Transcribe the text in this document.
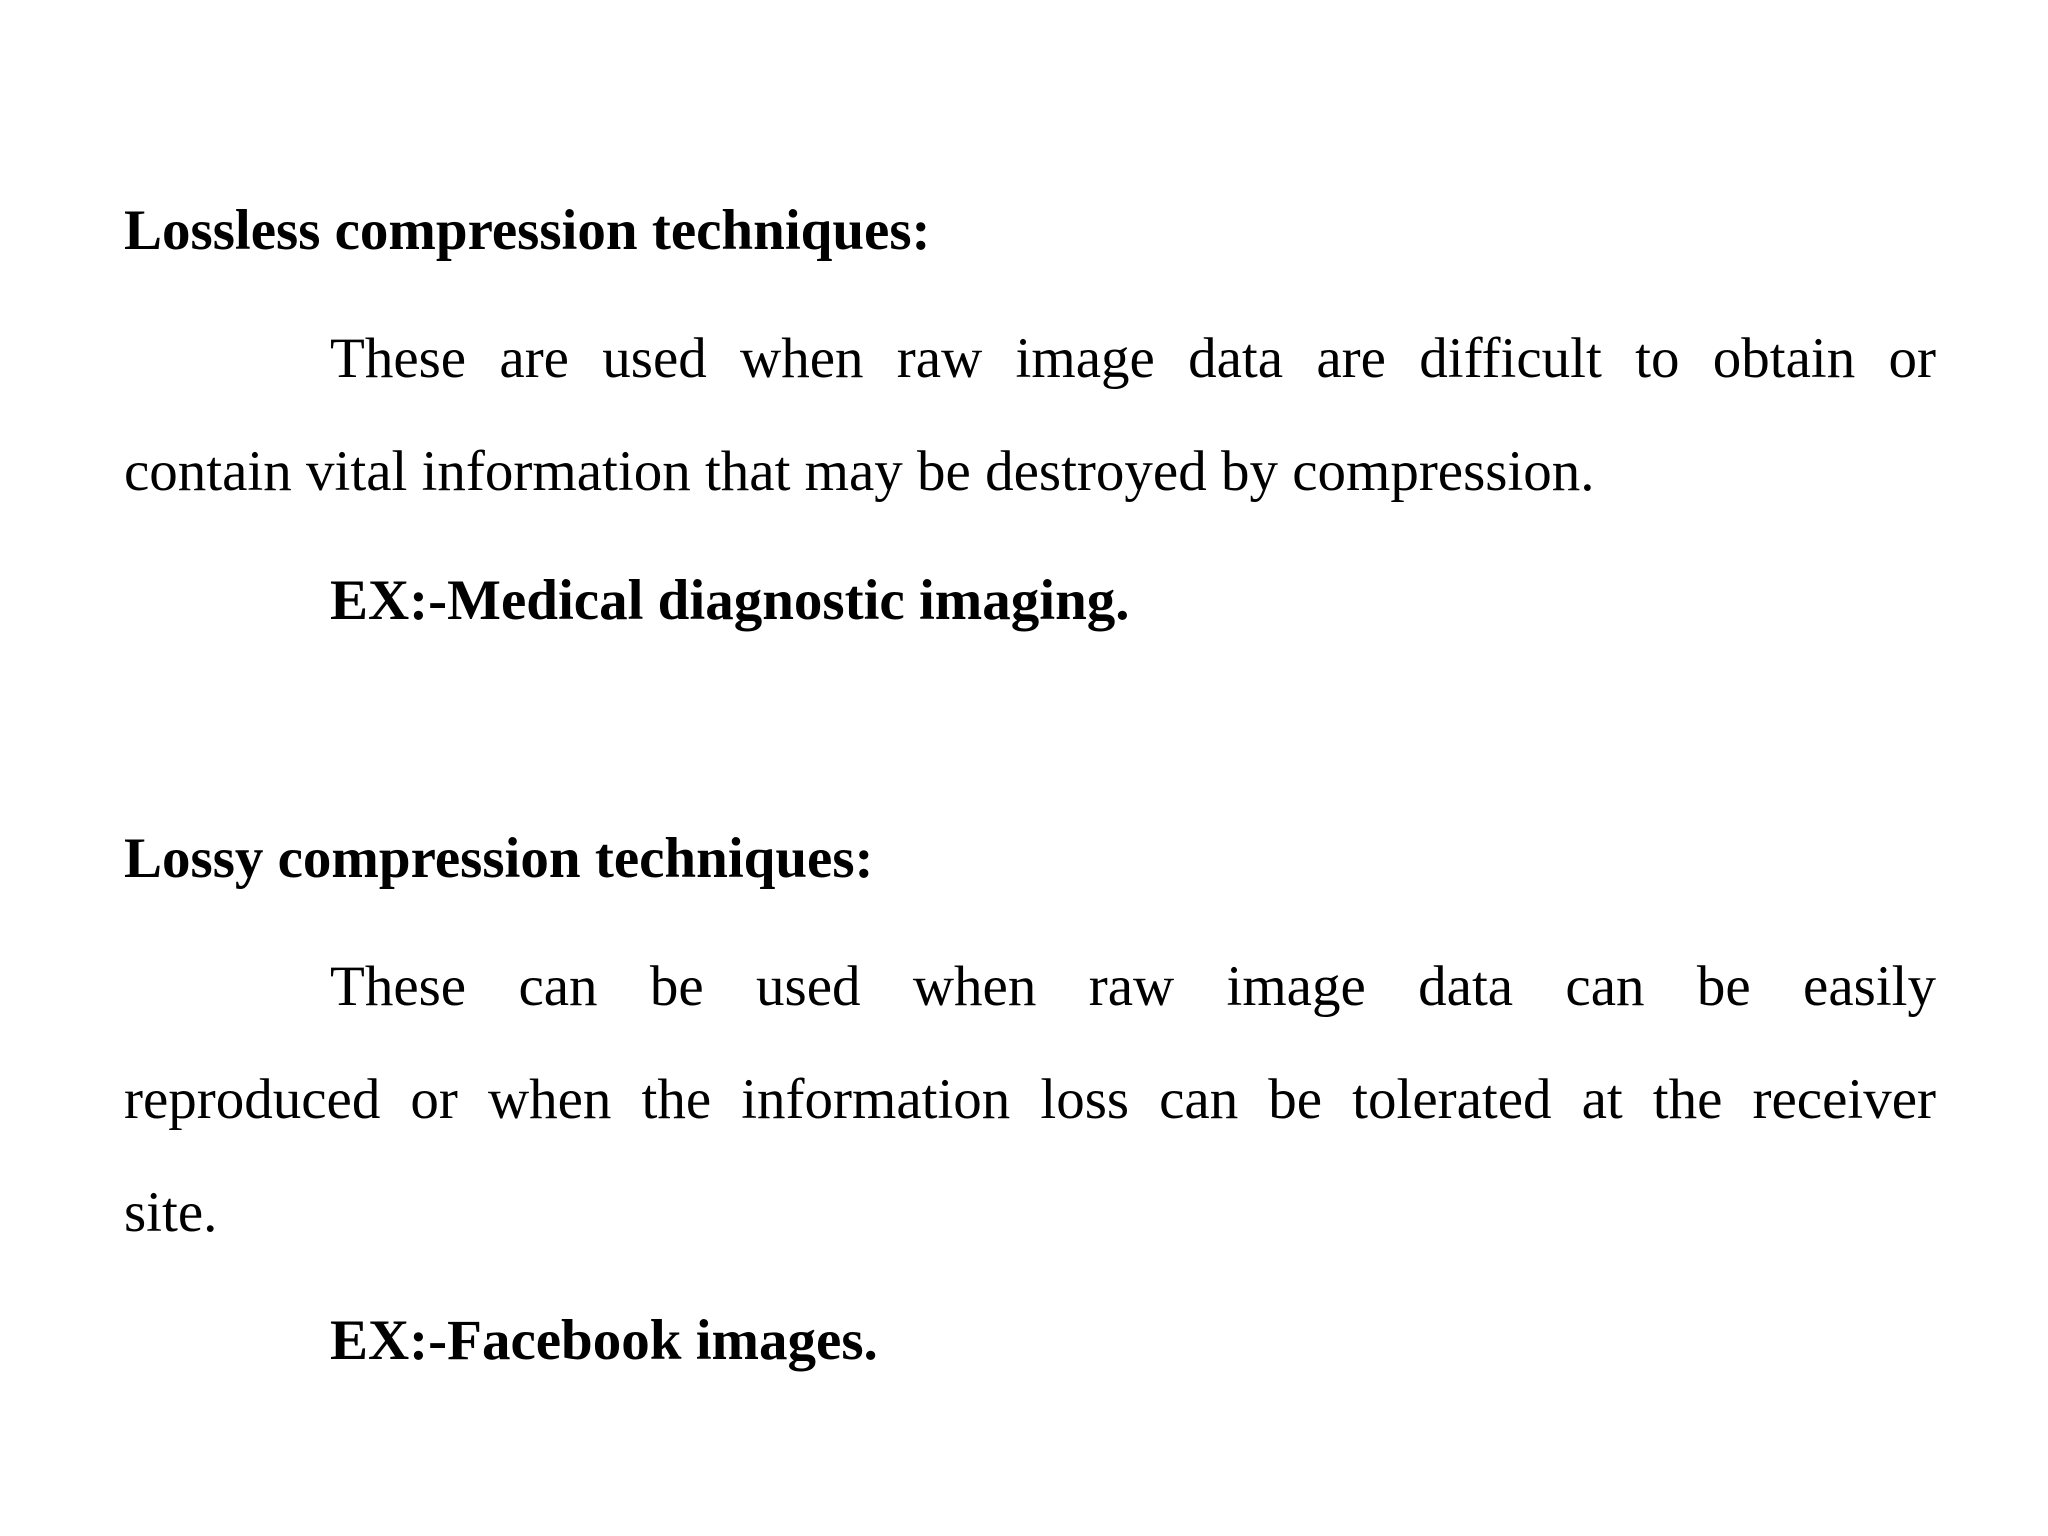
Lossless compression techniques:
These are used when raw image data are difficult to obtain or
contain vital information that may be destroyed by compression.
EX:-Medical diagnostic imaging.
Lossy compression techniques:
These can be used when raw image data can be easily
reproduced or when the information loss can be tolerated at the receiver
site.
EX:-Facebook images.
